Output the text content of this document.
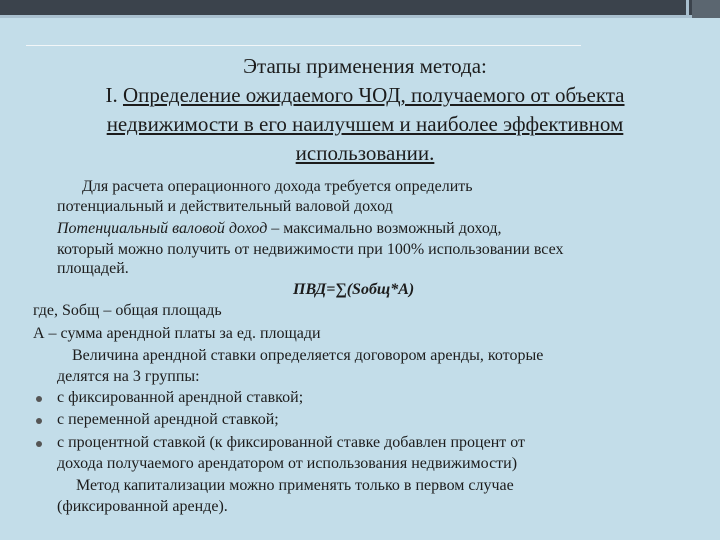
Этапы применения метода:
I. Определение ожидаемого ЧОД, получаемого от объекта
недвижимости в его наилучшем и наиболее эффективном
использовании.
Для расчета операционного дохода требуется определить
потенциальный и действительный валовой доход
Потенциальный валовой доход – максимально возможный доход,
который можно получить от недвижимости при 100% использовании всех
площадей.
ПВД=∑(Sобщ*А)
где, Sобщ – общая площадь
А – сумма арендной платы за ед. площади
Величина арендной ставки определяется договором аренды, которые
делятся на 3 группы:
с фиксированной арендной ставкой;
с переменной арендной ставкой;
с процентной ставкой (к фиксированной ставке добавлен процент от
дохода получаемого арендатором от использования недвижимости)
Метод капитализации можно применять только в первом случае
(фиксированной аренде).
